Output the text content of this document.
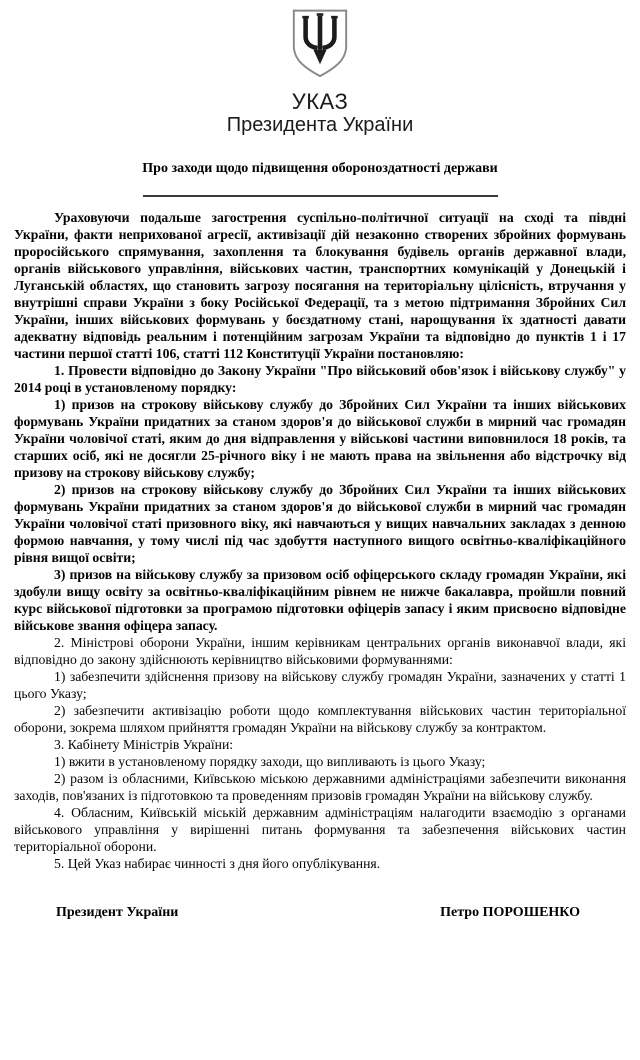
УКАЗ
Президента України
Про заходи щодо підвищення обороноздатності держави

Ураховуючи подальше загострення суспільно-політичної ситуації на сході та півдні України, факти неприхованої агресії, активізації дій незаконно створених збройних формувань проросійського спрямування, захоплення та блокування будівель органів державної влади, органів військового управління, військових частин, транспортних комунікацій у Донецькій і Луганській областях, що становить загрозу посягання на територіальну цілісність, втручання у внутрішні справи України з боку Російської Федерації, та з метою підтримання Збройних Сил України, інших військових формувань у боєздатному стані, нарощування їх здатності давати адекватну відповідь реальним і потенційним загрозам України та відповідно до пунктів 1 і 17 частини першої статті 106, статті 112 Конституції України постановляю:

1. Провести відповідно до Закону України "Про військовий обов'язок і військову службу" у 2014 році в установленому порядку:

1) призов на строкову військову службу до Збройних Сил України та інших військових формувань України придатних за станом здоров'я до військової служби в мирний час громадян України чоловічої статі, яким до дня відправлення у військові частини виповнилося 18 років, та старших осіб, які не досягли 25-річного віку і не мають права на звільнення або відстрочку від призову на строкову військову службу;

2) призов на строкову військову службу до Збройних Сил України та інших військових формувань України придатних за станом здоров'я до військової служби в мирний час громадян України чоловічої статі призовного віку, які навчаються у вищих навчальних закладах з денною формою навчання, у тому числі під час здобуття наступного вищого освітньо-кваліфікаційного рівня вищої освіти;

3) призов на військову службу за призовом осіб офіцерського складу громадян України, які здобули вищу освіту за освітньо-кваліфікаційним рівнем не нижче бакалавра, пройшли повний курс військової підготовки за програмою підготовки офіцерів запасу і яким присвоєно відповідне військове звання офіцера запасу.

2. Міністрові оборони України, іншим керівникам центральних органів виконавчої влади, які відповідно до закону здійснюють керівництво військовими формуваннями:

1) забезпечити здійснення призову на військову службу громадян України, зазначених у статті 1 цього Указу;

2) забезпечити активізацію роботи щодо комплектування військових частин територіальної оборони, зокрема шляхом прийняття громадян України на військову службу за контрактом.

3. Кабінету Міністрів України:

1) вжити в установленому порядку заходи, що випливають із цього Указу;

2) разом із обласними, Київською міською державними адміністраціями забезпечити виконання заходів, пов'язаних із підготовкою та проведенням призовів громадян України на військову службу.

4. Обласним, Київській міській державним адміністраціям налагодити взаємодію з органами військового управління у вирішенні питань формування та забезпечення військових частин територіальної оборони.

5. Цей Указ набирає чинності з дня його опублікування.

Президент України	Петро ПОРОШЕНКО
